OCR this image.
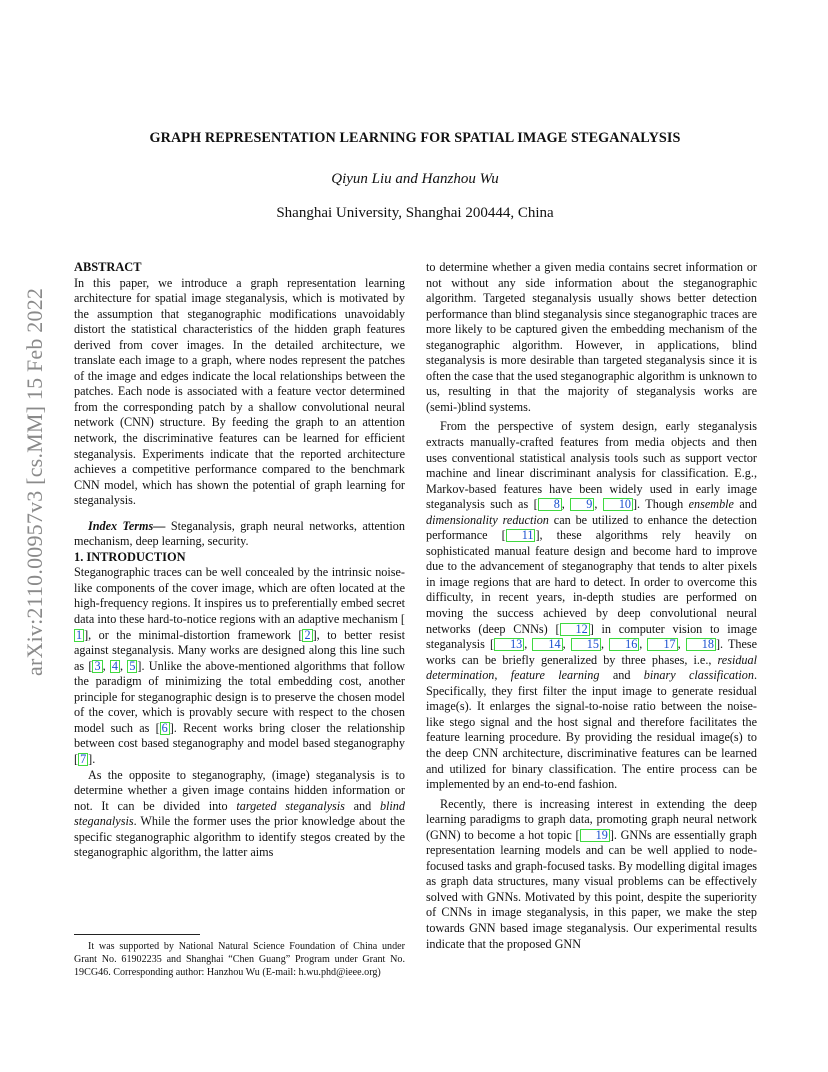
arXiv:2110.00957v3 [cs.MM] 15 Feb 2022
GRAPH REPRESENTATION LEARNING FOR SPATIAL IMAGE STEGANALYSIS
Qiyun Liu and Hanzhou Wu
Shanghai University, Shanghai 200444, China

ABSTRACT

In this paper, we introduce a graph representation learning architecture for spatial image steganalysis, which is motivated by the assumption that steganographic modifications unavoidably distort the statistical characteristics of the hidden graph features derived from cover images. In the detailed architecture, we translate each image to a graph, where nodes represent the patches of the image and edges indicate the local relationships between the patches. Each node is associated with a feature vector determined from the corresponding patch by a shallow convolutional neural network (CNN) structure. By feeding the graph to an attention network, the discriminative features can be learned for efficient steganalysis. Experiments indicate that the reported architecture achieves a competitive performance compared to the benchmark CNN model, which has shown the potential of graph learning for steganalysis.

Index Terms— Steganalysis, graph neural networks, attention mechanism, deep learning, security.

1. INTRODUCTION

Steganographic traces can be well concealed by the intrinsic noise-like components of the cover image, which are often located at the high-frequency regions. It inspires us to preferentially embed secret data into these hard-to-notice regions with an adaptive mechanism [1 ], or the minimal-distortion framework [ 2 ], to better resist against steganalysis. Many works are designed along this line such as [ 3 , 4 , 5 ]. Unlike the above-mentioned algorithms that follow the paradigm of minimizing the total embedding cost, another principle for steganographic design is to preserve the chosen model of the cover, which is provably secure with respect to the chosen model such as [ 6 ]. Recent works bring closer the relationship between cost based steganography and model based steganography [ 7 ].

As the opposite to steganography, (image) steganalysis is to determine whether a given image contains hidden information or not. It can be divided into targeted steganalysis and blind steganalysis. While the former uses the prior knowledge about the specific steganographic algorithm to identify stegos created by the steganographic algorithm, the latter aims

to determine whether a given media contains secret information or not without any side information about the steganographic algorithm. Targeted steganalysis usually shows better detection performance than blind steganalysis since steganographic traces are more likely to be captured given the embedding mechanism of the steganographic algorithm. However, in applications, blind steganalysis is more desirable than targeted steganalysis since it is often the case that the used steganographic algorithm is unknown to us, resulting in that the majority of steganalysis works are (semi-)blind systems.

From the perspective of system design, early steganalysis extracts manually-crafted features from media objects and then uses conventional statistical analysis tools such as support vector machine and linear discriminant analysis for classification. E.g., Markov-based features have been widely used in early image steganalysis such as [ 8 , 9 , 10 ]. Though ensemble and dimensionality reduction can be utilized to enhance the detection performance [ 11 ], these algorithms rely heavily on sophisticated manual feature design and become hard to improve due to the advancement of steganography that tends to alter pixels in image regions that are hard to detect. In order to overcome this difficulty, in recent years, in-depth studies are performed on moving the success achieved by deep convolutional neural networks (deep CNNs) [ 12 ] in computer vision to image steganalysis [ 13 , 14 , 15 , 16 , 17 , 18 ]. These works can be briefly generalized by three phases, i.e., residual determination, feature learning and binary classification. Specifically, they first filter the input image to generate residual image(s). It enlarges the signal-to-noise ratio between the noise-like stego signal and the host signal and therefore facilitates the feature learning procedure. By providing the residual image(s) to the deep CNN architecture, discriminative features can be learned and utilized for binary classification. The entire process can be implemented by an end-to-end fashion.

Recently, there is increasing interest in extending the deep learning paradigms to graph data, promoting graph neural network (GNN) to become a hot topic [ 19 ]. GNNs are essentially graph representation learning models and can be well applied to node-focused tasks and graph-focused tasks. By modelling digital images as graph data structures, many visual problems can be effectively solved with GNNs. Motivated by this point, despite the superiority of CNNs in image steganalysis, in this paper, we make the step towards GNN based image steganalysis. Our experimental results indicate that the proposed GNN

It was supported by National Natural Science Foundation of China under Grant No. 61902235 and Shanghai “Chen Guang” Program under Grant No. 19CG46. Corresponding author: Hanzhou Wu (E-mail: h.wu.phd@ieee.org)
